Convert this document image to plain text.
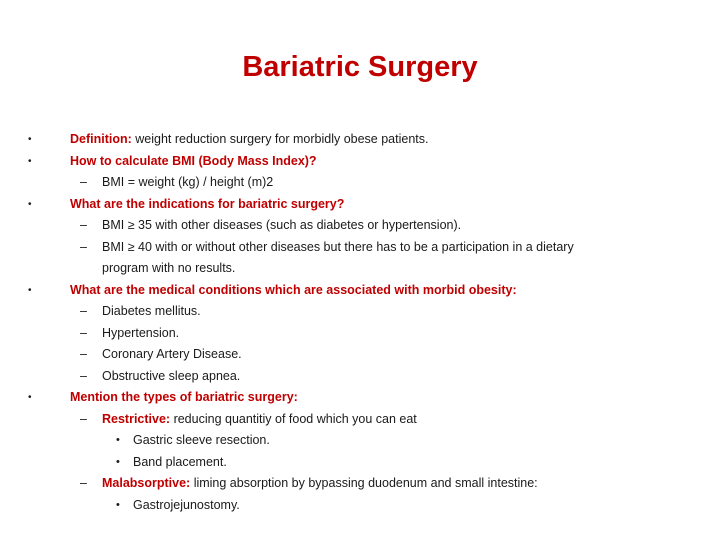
Bariatric Surgery
•	Definition: weight reduction surgery for morbidly obese patients.
•	How to calculate BMI (Body Mass Index)?
– BMI = weight (kg) / height (m)2
•	What are the indications for bariatric surgery?
– BMI ≥ 35 with other diseases (such as diabetes or hypertension).
– BMI ≥ 40 with or without other diseases but there has to be a participation in a dietary
program with no results.
•	What are the medical conditions which are associated with morbid obesity:
– Diabetes mellitus.
– Hypertension.
– Coronary Artery Disease.
– Obstructive sleep apnea.
•	Mention the types of bariatric surgery:
– Restrictive: reducing quantitiy of food which you can eat
• Gastric sleeve resection.
• Band placement.
– Malabsorptive: liming absorption by bypassing duodenum and small intestine:
• Gastrojejunostomy.
